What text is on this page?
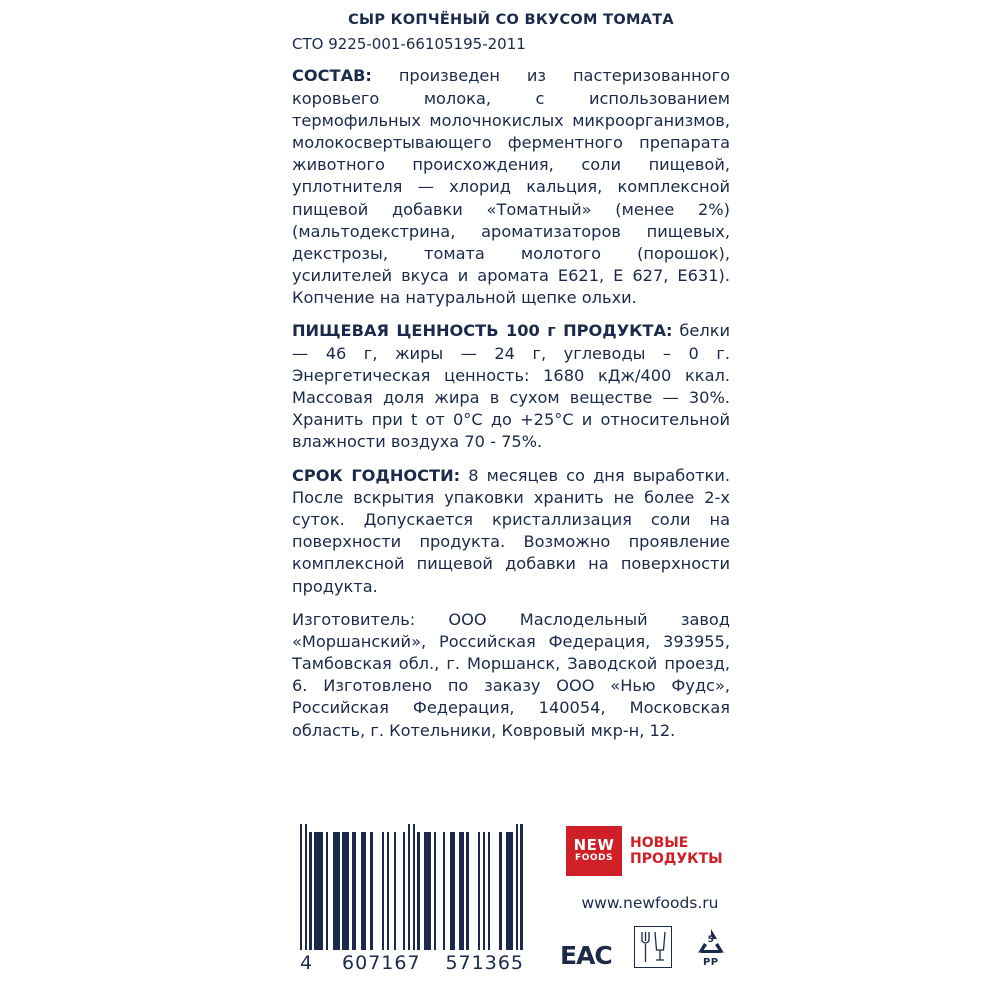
СЫР КОПЧЁНЫЙ СО ВКУСОМ ТОМАТА
СТО 9225-001-66105195-2011

СОСТАВ: произведен из пастеризованного коровьего молока, с использованием термофильных молочнокислых микроорганизмов, молокосвертывающего ферментного препарата животного происхождения, соли пищевой, уплотнителя — хлорид кальция, комплексной пищевой добавки «Томатный» (менее 2%) (мальтодекстрина, ароматизаторов пищевых, декстрозы, томата молотого (порошок), усилителей вкуса и аромата Е621, Е 627, Е631). Копчение на натуральной щепке ольхи.

ПИЩЕВАЯ ЦЕННОСТЬ 100 г ПРОДУКТА: белки — 46 г, жиры — 24 г, углеводы – 0 г. Энергетическая ценность: 1680 кДж/400 ккал. Массовая доля жира в сухом веществе — 30%. Хранить при t от 0°С до +25°С и относительной влажности воздуха 70 - 75%.

СРОК ГОДНОСТИ: 8 месяцев со дня выработки. После вскрытия упаковки хранить не более 2-х суток. Допускается кристаллизация соли на поверхности продукта. Возможно проявление комплексной пищевой добавки на поверхности продукта.

Изготовитель: ООО Маслодельный завод «Моршанский», Российская Федерация, 393955, Тамбовская обл., г. Моршанск, Заводской проезд, 6. Изготовлено по заказу ООО «Нью Фудс», Российская Федерация, 140054, Московская область, г. Котельники, Ковровый мкр-н, 12.

4 607167 571365
NEW
FOODS
НОВЫЕ
ПРОДУКТЫ
www.newfoods.ru
EAC
5
PP
